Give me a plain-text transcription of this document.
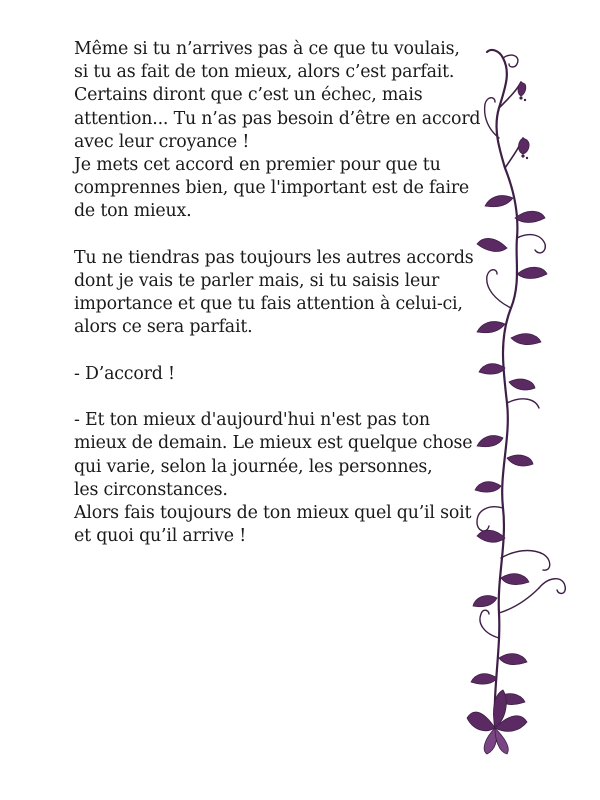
Même si tu n’arrives pas à ce que tu voulais,
si tu as fait de ton mieux, alors c’est parfait.
Certains diront que c’est un échec, mais
attention... Tu n’as pas besoin d’être en accord
avec leur croyance !
Je mets cet accord en premier pour que tu
comprennes bien, que l'important est de faire
de ton mieux.
Tu ne tiendras pas toujours les autres accords
dont je vais te parler mais, si tu saisis leur
importance et que tu fais attention à celui-ci,
alors ce sera parfait.
- D’accord !
- Et ton mieux d'aujourd'hui n'est pas ton
mieux de demain. Le mieux est quelque chose
qui varie, selon la journée, les personnes,
les circonstances.
Alors fais toujours de ton mieux quel qu’il soit
et quoi qu’il arrive !
